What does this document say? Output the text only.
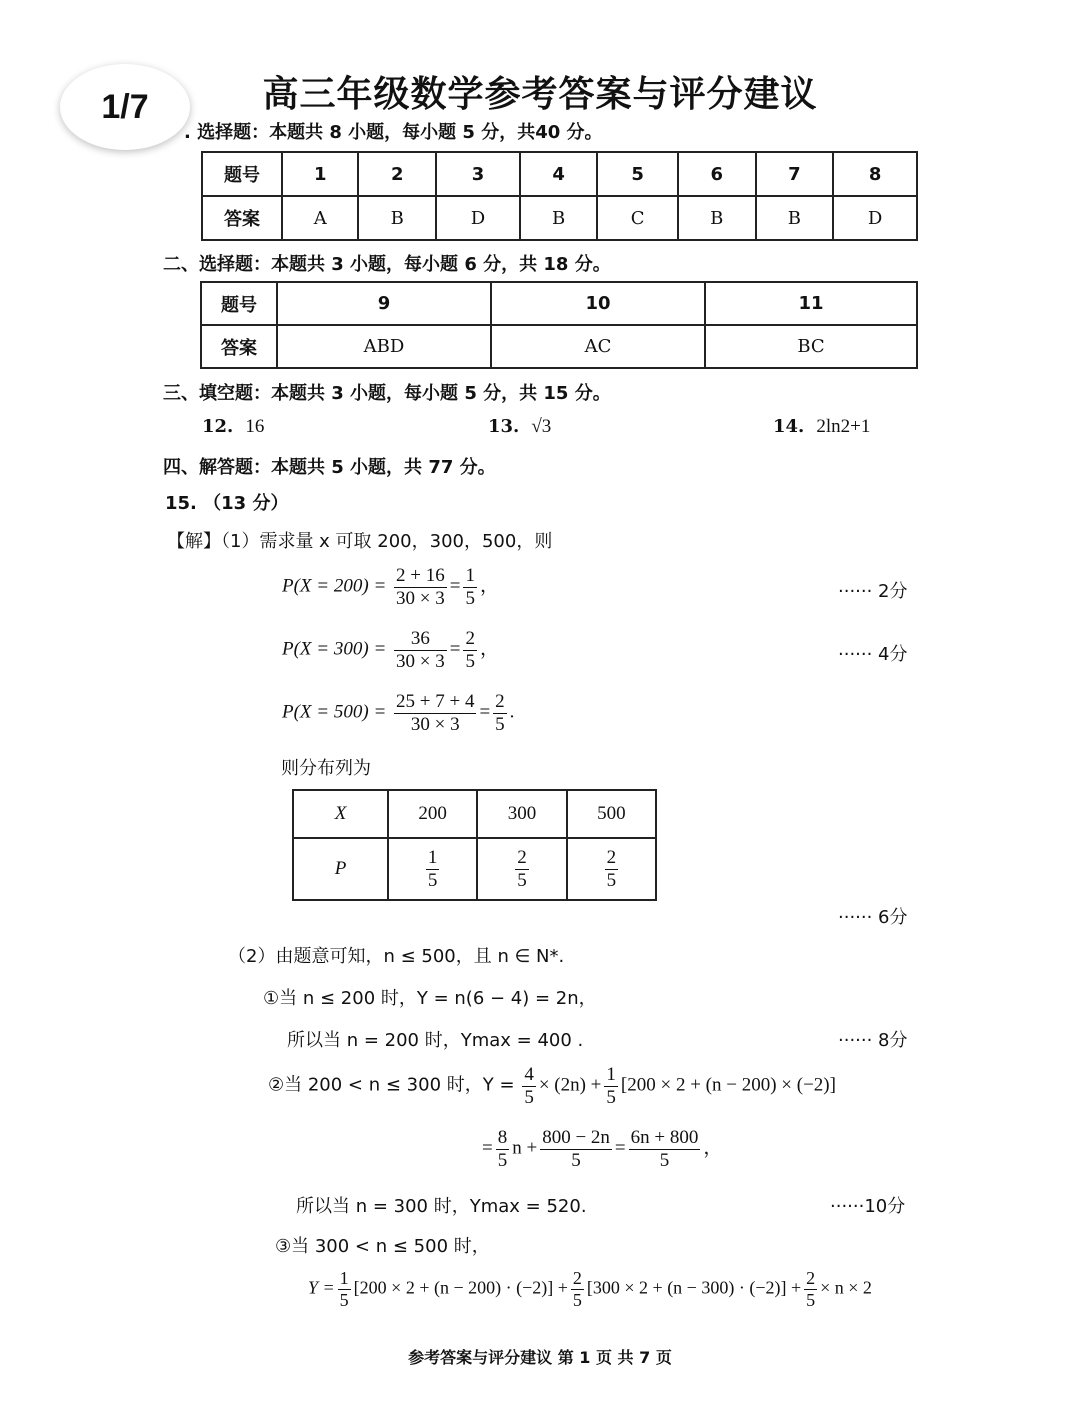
1/7	高三年级数学参考答案与评分建议
. 选择题：本题共 8 小题，每小题 5 分，共40 分。
题号	1	2	3	4	5	6	7	8
答案	A	B	D	B	C	B	B	D
二、选择题：本题共 3 小题，每小题 6 分，共 18 分。
题号	9	10	11
答案	ABD	AC	BC
三、填空题：本题共 3 小题，每小题 5 分，共 15 分。
12. 16	13. √3	14. 2ln2+1
四、解答题：本题共 5 小题，共 77 分。
15. （13 分）
【解】（1）需求量 x 可取 200，300，500，则
$P(X = 200) = \frac{2 + 16}{30 \times 3} = \frac{1}{5}$ ，	······ 2分
$P(X = 300) = \frac{36}{30 \times 3} = \frac{2}{5}$ ，	······ 4分
$P(X = 500) = \frac{25 + 7 + 4}{30 \times 3} = \frac{2}{5}$ .
则分布列为
X	200	300	500
P	$\frac{1}{5}$	$\frac{2}{5}$	$\frac{2}{5}$
······ 6分
（2）由题意可知，n ≤ 500，且 n ∈ N*.
①当 n ≤ 200 时，Y = n(6 − 4) = 2n，
所以当 n = 200 时，Ymax = 400 .	······ 8分
②当 200 < n ≤ 300 时，$Y = \frac{4}{5} \times (2n) + \frac{1}{5} [200 \times 2 + (n - 200) \times (-2)]$
= $\frac{8}{5}$ $n + \frac{800 - 2n}{5} = \frac{6n + 800}{5}$ ，
所以当 n = 300 时，Ymax = 520.	······10分
③当 300 < n ≤ 500 时，
$Y = \frac{1}{5} [200 \times 2 + (n - 200) \cdot (-2)] + \frac{2}{5} [300 \times 2 + (n - 300) \cdot (-2)] + \frac{2}{5} \times n \times 2$
参考答案与评分建议 第 1 页 共 7 页
